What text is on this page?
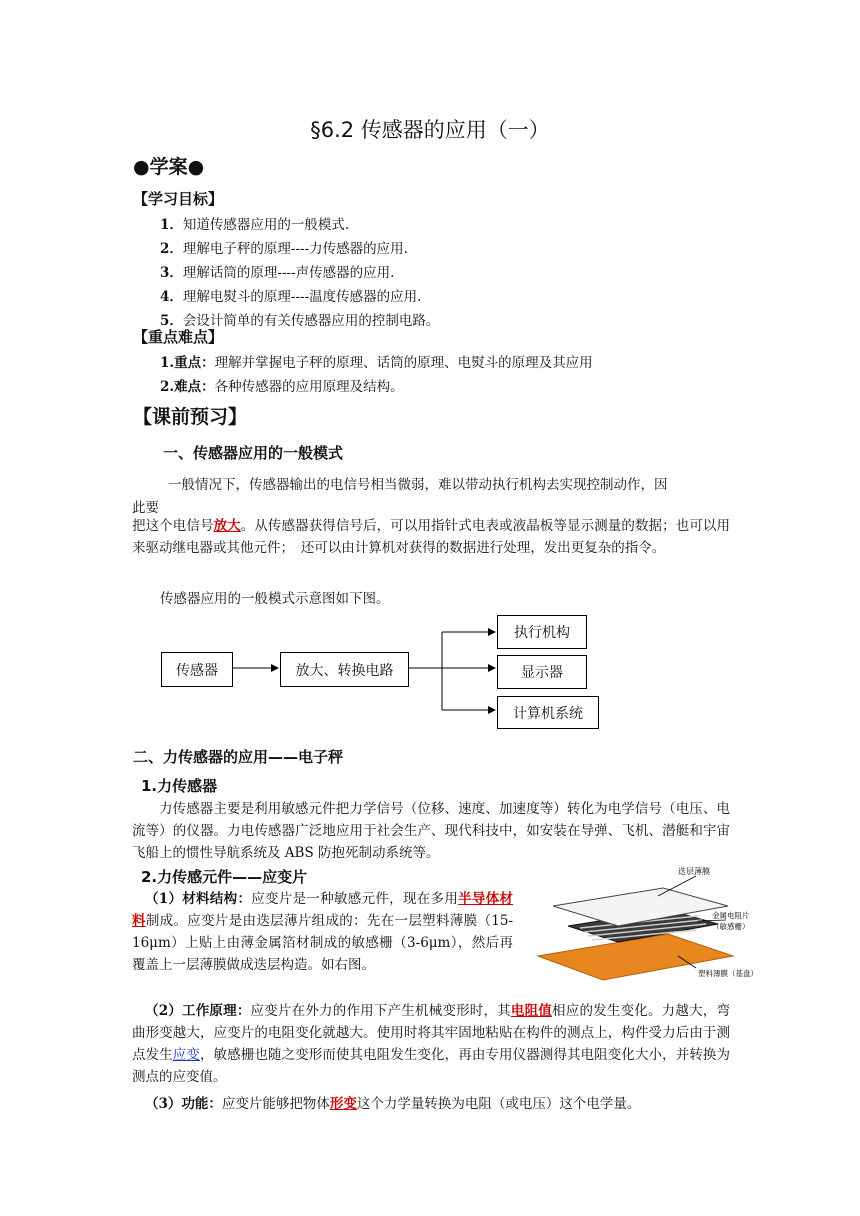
§6.2 传感器的应用（一）
●学案●
【学习目标】
1．知道传感器应用的一般模式.
2．理解电子秤的原理----力传感器的应用.
3．理解话筒的原理----声传感器的应用.
4．理解电熨斗的原理----温度传感器的应用.
5．会设计简单的有关传感器应用的控制电路。
【重点难点】
1.重点：理解并掌握电子秤的原理、话筒的原理、电熨斗的原理及其应用
2.难点：各种传感器的应用原理及结构。
【课前预习】
一、传感器应用的一般模式
一般情况下，传感器输出的电信号相当微弱，难以带动执行机构去实现控制动作，因
此要
把这个电信号放大。从传感器获得信号后，可以用指针式电表或液晶板等显示测量的数据；也可以用来驱动继电器或其他元件；　还可以由计算机对获得的数据进行处理，发出更复杂的指令。
传感器应用的一般模式示意图如下图。
传感器	放大、转换电路
执行机构
显示器
计算机系统
二、力传感器的应用——电子秤
1.力传感器
力传感器主要是利用敏感元件把力学信号（位移、速度、加速度等）转化为电学信号（电压、电流等）的仪器。力电传感器广泛地应用于社会生产、现代科技中，如安装在导弹、飞机、潜艇和宇宙飞船上的惯性导航系统及 ABS 防抱死制动系统等。
2.力传感元件——应变片
（1）材料结构：应变片是一种敏感元件，现在多用半导体材料制成。应变片是由迭层薄片组成的：先在一层塑料薄膜（15-16μm）上贴上由薄金属箔材制成的敏感栅（3-6μm），然后再覆盖上一层薄膜做成迭层构造。如右图。
迭层薄膜
金属电阻片
（敏感栅）
塑料薄膜（基盘）
（2）工作原理：应变片在外力的作用下产生机械变形时，其电阻值相应的发生变化。力越大，弯曲形变越大，应变片的电阻变化就越大。使用时将其牢固地粘贴在构件的测点上，构件受力后由于测点发生应变，敏感栅也随之变形而使其电阻发生变化，再由专用仪器测得其电阻变化大小，并转换为测点的应变值。
（3）功能：应变片能够把物体形变这个力学量转换为电阻（或电压）这个电学量。
